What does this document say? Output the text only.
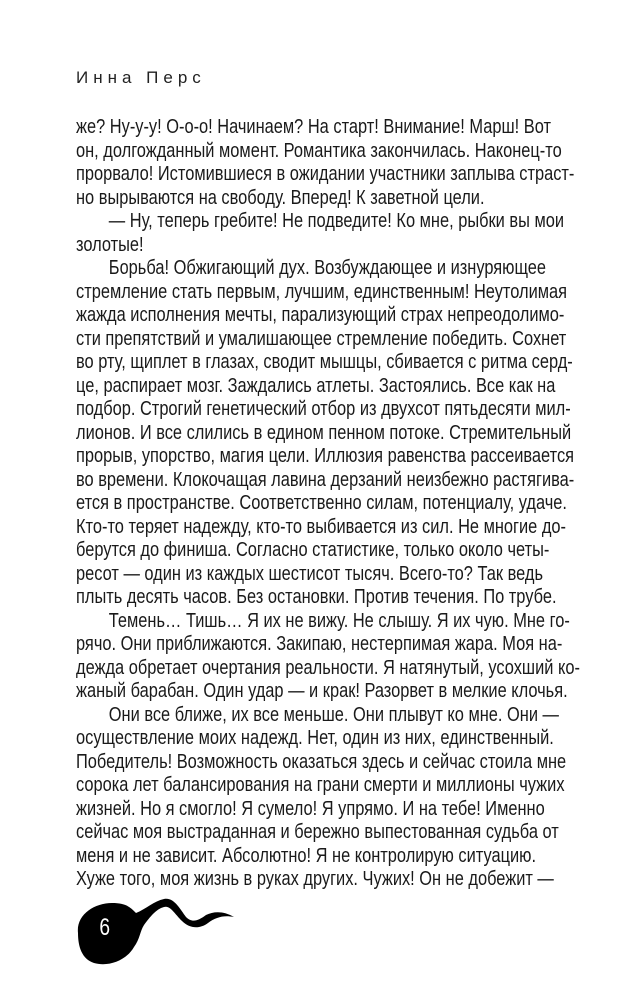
Инна Перс
же? Ну-у-у! О-о-о! Начинаем? На старт! Внимание! Марш! Вот
он, долгожданный момент. Романтика закончилась. Наконец-то
прорвало! Истомившиеся в ожидании участники заплыва страст-
но вырываются на свободу. Вперед! К заветной цели.
— Ну, теперь гребите! Не подведите! Ко мне, рыбки вы мои
золотые!
Борьба! Обжигающий дух. Возбуждающее и изнуряющее
стремление стать первым, лучшим, единственным! Неутолимая
жажда исполнения мечты, парализующий страх непреодолимо-
сти препятствий и умалишающее стремление победить. Сохнет
во рту, щиплет в глазах, сводит мышцы, сбивается с ритма серд-
це, распирает мозг. Заждались атлеты. Застоялись. Все как на
подбор. Строгий генетический отбор из двухсот пятьдесяти мил-
лионов. И все слились в едином пенном потоке. Стремительный
прорыв, упорство, магия цели. Иллюзия равенства рассеивается
во времени. Клокочащая лавина дерзаний неизбежно растягива-
ется в пространстве. Соответственно силам, потенциалу, удаче.
Кто-то теряет надежду, кто-то выбивается из сил. Не многие до-
берутся до финиша. Согласно статистике, только около четы-
ресот — один из каждых шестисот тысяч. Всего-то? Так ведь
плыть десять часов. Без остановки. Против течения. По трубе.
Темень… Тишь… Я их не вижу. Не слышу. Я их чую. Мне го-
рячо. Они приближаются. Закипаю, нестерпимая жара. Моя на-
дежда обретает очертания реальности. Я натянутый, усохший ко-
жаный барабан. Один удар — и крак! Разорвет в мелкие клочья.
Они все ближе, их все меньше. Они плывут ко мне. Они —
осуществление моих надежд. Нет, один из них, единственный.
Победитель! Возможность оказаться здесь и сейчас стоила мне
сорока лет балансирования на грани смерти и миллионы чужих
жизней. Но я смогло! Я сумело! Я упрямо. И на тебе! Именно
сейчас моя выстраданная и бережно выпестованная судьба от
меня и не зависит. Абсолютно! Я не контролирую ситуацию.
Хуже того, моя жизнь в руках других. Чужих! Он не добежит —
6
